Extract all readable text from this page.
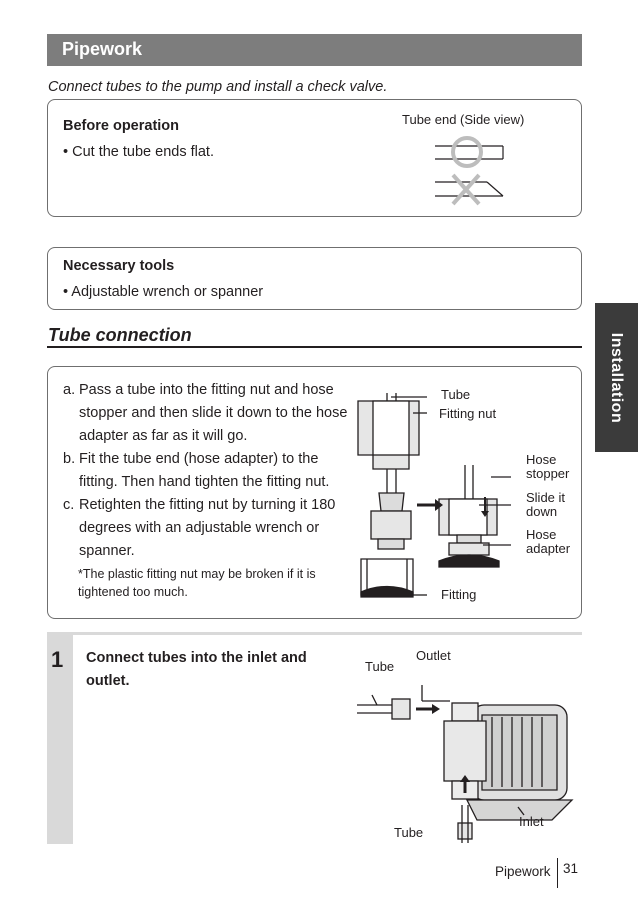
Pipework
Connect tubes to the pump and install a check valve.
Before operation
• Cut the tube ends flat.
Tube end (Side view)
Necessary tools
• Adjustable wrench or spanner
Installation
Tube connection
a. Pass a tube into the fitting nut and hose stopper and then slide it down to the hose adapter as far as it will go.
b. Fit the tube end (hose adapter) to the fitting. Then hand tighten the fitting nut.
c. Retighten the fitting nut by turning it 180 degrees with an adjustable wrench or spanner.
*The plastic fitting nut may be broken if it is tightened too much.
Tube
Fitting nut
Hose stopper
Slide it down
Hose adapter
Fitting
1 Connect tubes into the inlet and outlet.
Tube
Outlet
Inlet
Tube
Pipework 31
